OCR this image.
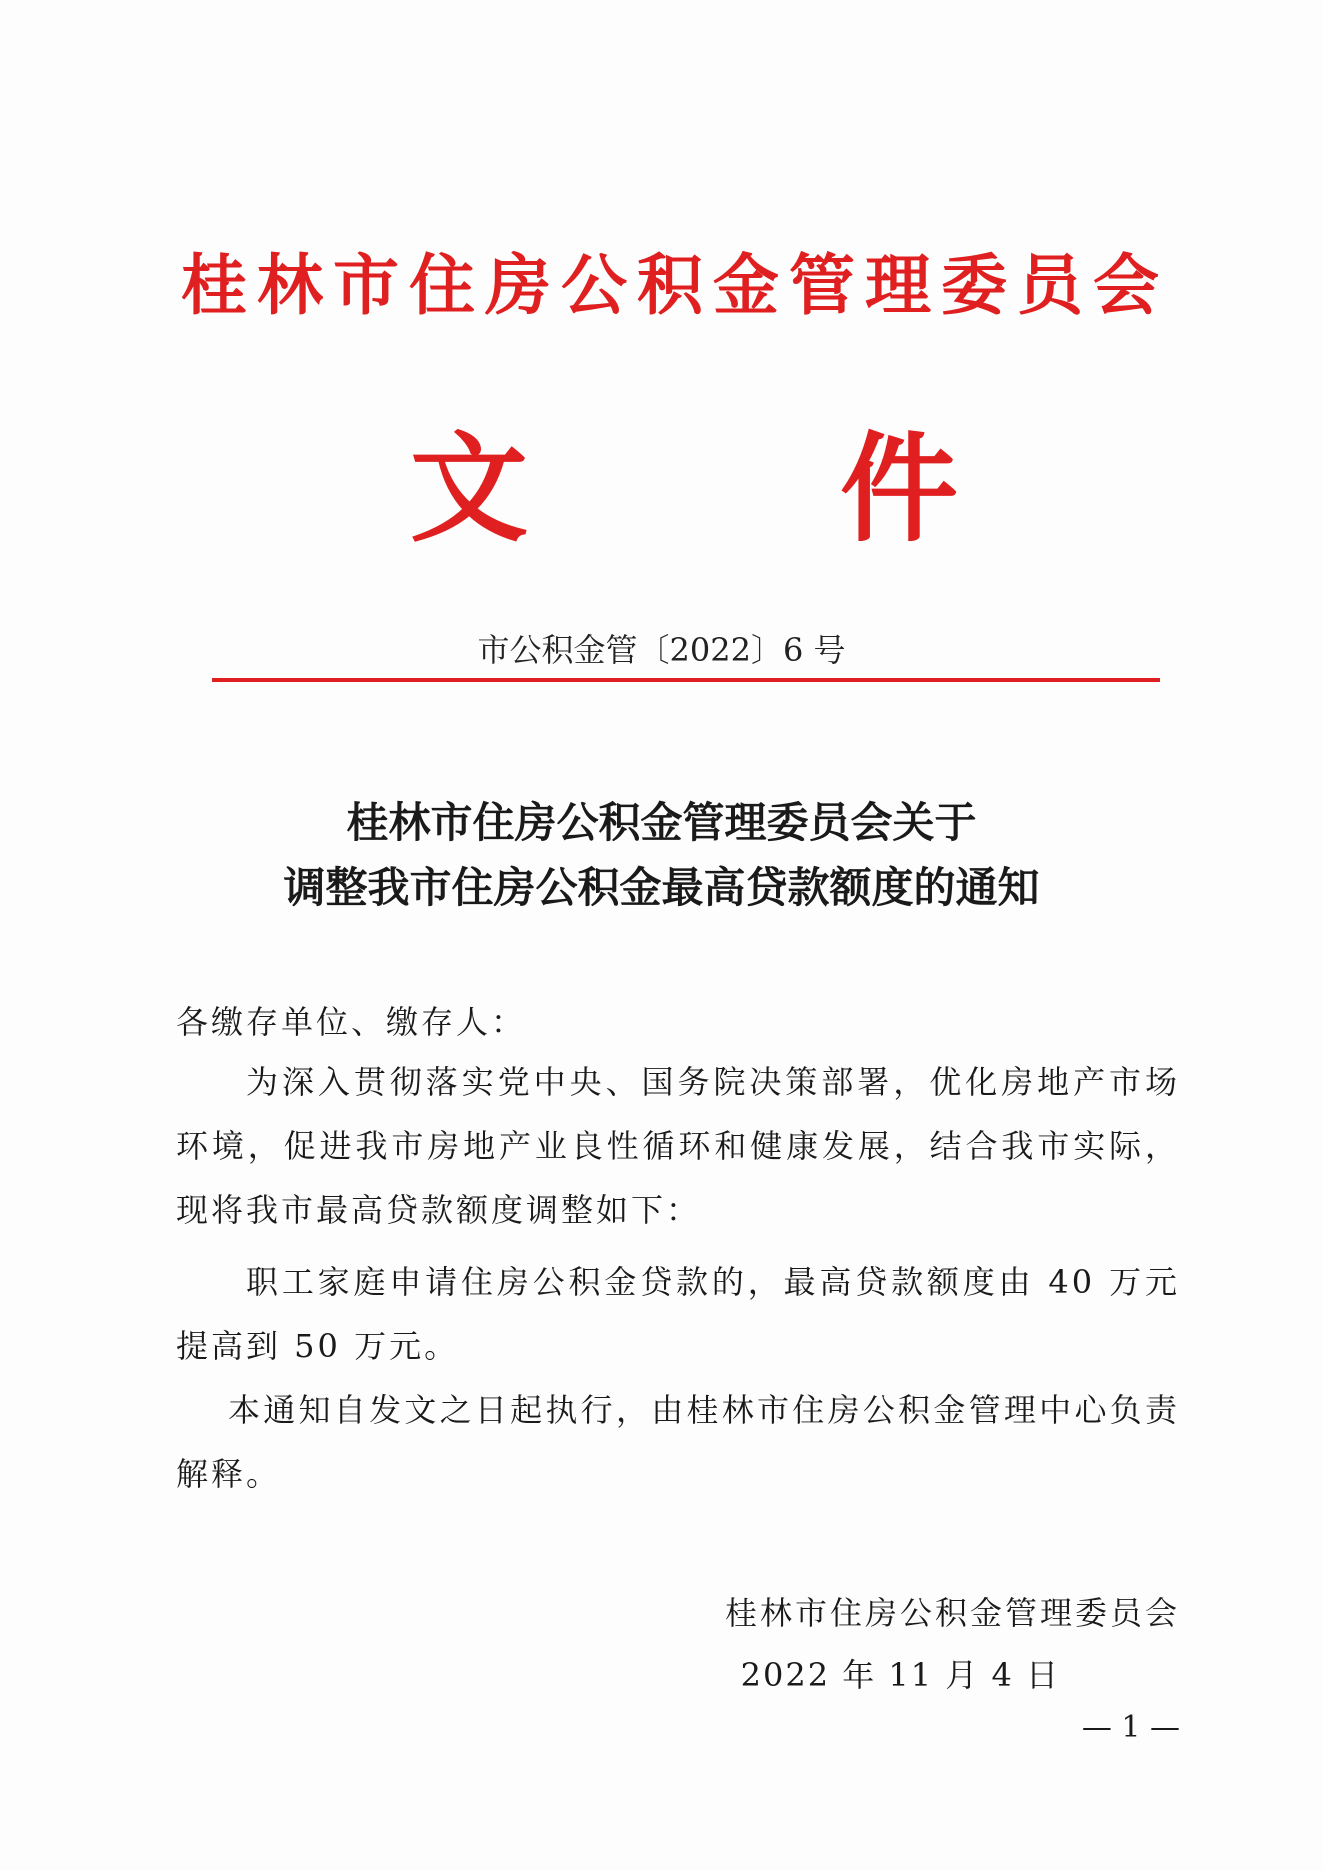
桂林市住房公积金管理委员会
文	件
市公积金管〔2022〕6 号
桂林市住房公积金管理委员会关于
调整我市住房公积金最高贷款额度的通知
各缴存单位、缴存人：
为深入贯彻落实党中央、国务院决策部署，优化房地产市场环境，促进我市房地产业良性循环和健康发展，结合我市实际，现将我市最高贷款额度调整如下：
职工家庭申请住房公积金贷款的，最高贷款额度由 40 万元提高到 50 万元。
本通知自发文之日起执行，由桂林市住房公积金管理中心负责解释。
桂林市住房公积金管理委员会
2022 年 11 月 4 日
— 1 —
